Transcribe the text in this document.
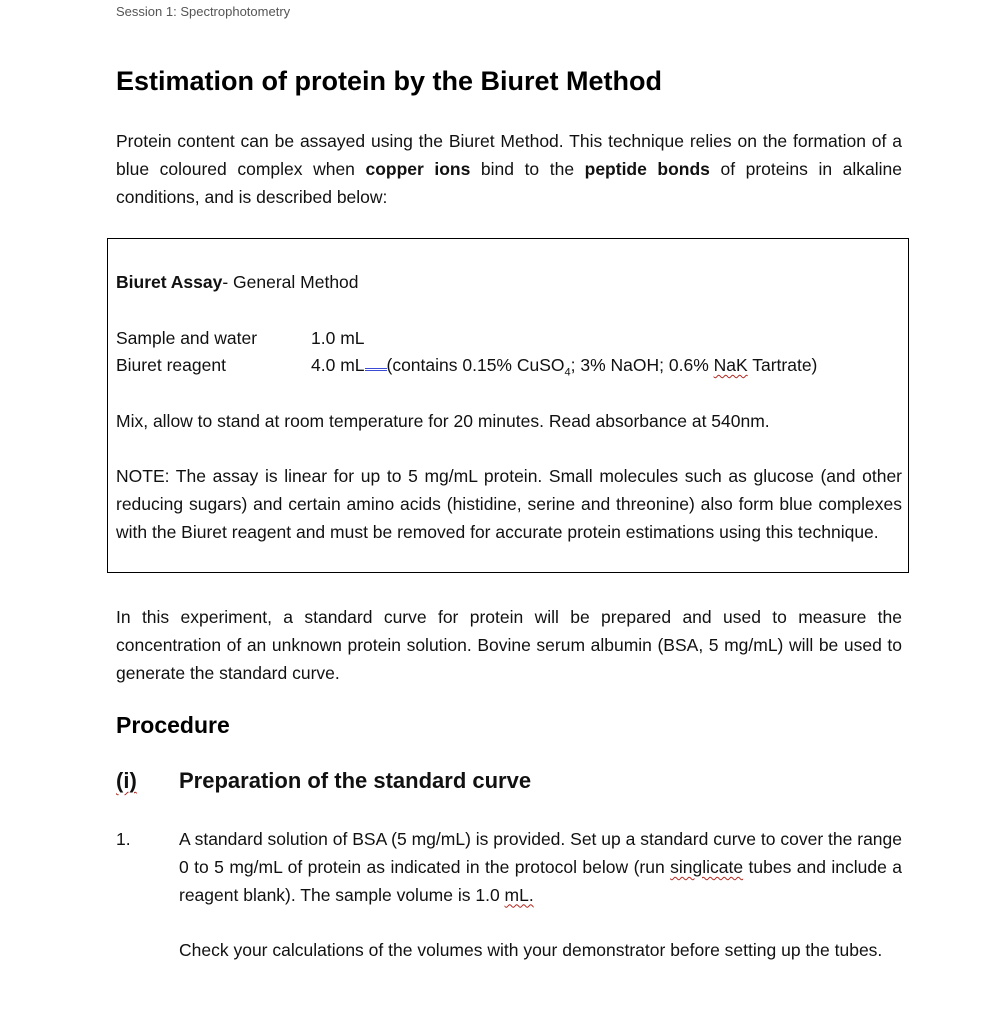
Session 1: Spectrophotometry
Estimation of protein by the Biuret Method

Protein content can be assayed using the Biuret Method. This technique relies on the formation of a blue coloured complex when copper ions bind to the peptide bonds of proteins in alkaline conditions, and is described below:

Biuret Assay- General Method
Sample and water	1.0 mL
Biuret reagent	4.0 mL (contains 0.15% CuSO$_4$; 3% NaOH; 0.6% NaK Tartrate)
Mix, allow to stand at room temperature for 20 minutes. Read absorbance at 540nm.
NOTE: The assay is linear for up to 5 mg/mL protein. Small molecules such as glucose (and other reducing sugars) and certain amino acids (histidine, serine and threonine) also form blue complexes with the Biuret reagent and must be removed for accurate protein estimations using this technique.

In this experiment, a standard curve for protein will be prepared and used to measure the concentration of an unknown protein solution. Bovine serum albumin (BSA, 5 mg/mL) will be used to generate the standard curve.

Procedure
(i) Preparation of the standard curve
1.	A standard solution of BSA (5 mg/mL) is provided. Set up a standard curve to cover the range 0 to 5 mg/mL of protein as indicated in the protocol below (run singlicate tubes and include a reagent blank). The sample volume is 1.0 mL.

Check your calculations of the volumes with your demonstrator before setting up the tubes.
